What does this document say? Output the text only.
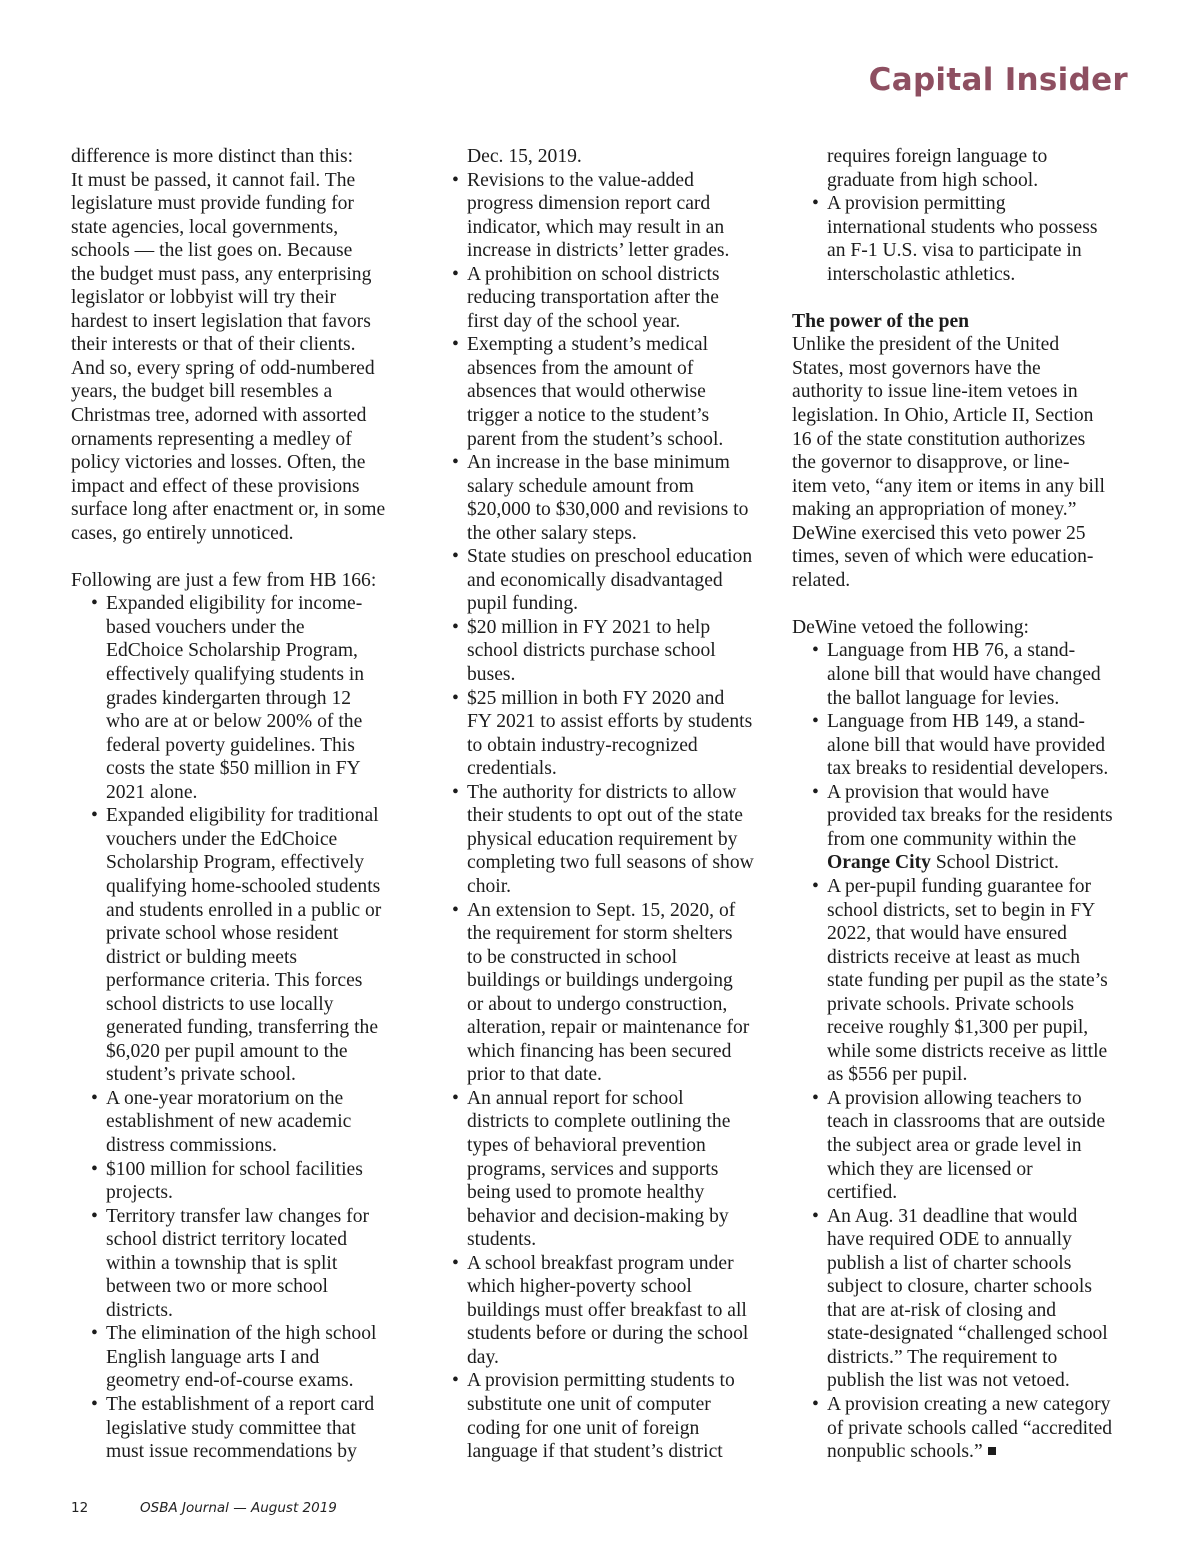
Capital Insider
difference is more distinct than this:
It must be passed, it cannot fail. The
legislature must provide funding for
state agencies, local governments,
schools — the list goes on. Because
the budget must pass, any enterprising
legislator or lobbyist will try their
hardest to insert legislation that favors
their interests or that of their clients.
And so, every spring of odd-numbered
years, the budget bill resembles a
Christmas tree, adorned with assorted
ornaments representing a medley of
policy victories and losses. Often, the
impact and effect of these provisions
surface long after enactment or, in some
cases, go entirely unnoticed.
Following are just a few from HB 166:
• Expanded eligibility for income-
based vouchers under the
EdChoice Scholarship Program,
effectively qualifying students in
grades kindergarten through 12
who are at or below 200% of the
federal poverty guidelines. This
costs the state $50 million in FY
2021 alone.
• Expanded eligibility for traditional
vouchers under the EdChoice
Scholarship Program, effectively
qualifying home-schooled students
and students enrolled in a public or
private school whose resident
district or bulding meets
performance criteria. This forces
school districts to use locally
generated funding, transferring the
$6,020 per pupil amount to the
student’s private school.
• A one-year moratorium on the
establishment of new academic
distress commissions.
• $100 million for school facilities
projects.
• Territory transfer law changes for
school district territory located
within a township that is split
between two or more school
districts.
• The elimination of the high school
English language arts I and
geometry end-of-course exams.
• The establishment of a report card
legislative study committee that
must issue recommendations by
Dec. 15, 2019.
• Revisions to the value-added
progress dimension report card
indicator, which may result in an
increase in districts’ letter grades.
• A prohibition on school districts
reducing transportation after the
first day of the school year.
• Exempting a student’s medical
absences from the amount of
absences that would otherwise
trigger a notice to the student’s
parent from the student’s school.
• An increase in the base minimum
salary schedule amount from
$20,000 to $30,000 and revisions to
the other salary steps.
• State studies on preschool education
and economically disadvantaged
pupil funding.
• $20 million in FY 2021 to help
school districts purchase school
buses.
• $25 million in both FY 2020 and
FY 2021 to assist efforts by students
to obtain industry-recognized
credentials.
• The authority for districts to allow
their students to opt out of the state
physical education requirement by
completing two full seasons of show
choir.
• An extension to Sept. 15, 2020, of
the requirement for storm shelters
to be constructed in school
buildings or buildings undergoing
or about to undergo construction,
alteration, repair or maintenance for
which financing has been secured
prior to that date.
• An annual report for school
districts to complete outlining the
types of behavioral prevention
programs, services and supports
being used to promote healthy
behavior and decision-making by
students.
• A school breakfast program under
which higher-poverty school
buildings must offer breakfast to all
students before or during the school
day.
• A provision permitting students to
substitute one unit of computer
coding for one unit of foreign
language if that student’s district
requires foreign language to
graduate from high school.
• A provision permitting
international students who possess
an F-1 U.S. visa to participate in
interscholastic athletics.
The power of the pen
Unlike the president of the United
States, most governors have the
authority to issue line-item vetoes in
legislation. In Ohio, Article II, Section
16 of the state constitution authorizes
the governor to disapprove, or line-
item veto, “any item or items in any bill
making an appropriation of money.”
DeWine exercised this veto power 25
times, seven of which were education-
related.
DeWine vetoed the following:
• Language from HB 76, a stand-
alone bill that would have changed
the ballot language for levies.
• Language from HB 149, a stand-
alone bill that would have provided
tax breaks to residential developers.
• A provision that would have
provided tax breaks for the residents
from one community within the
Orange City School District.
• A per-pupil funding guarantee for
school districts, set to begin in FY
2022, that would have ensured
districts receive at least as much
state funding per pupil as the state’s
private schools. Private schools
receive roughly $1,300 per pupil,
while some districts receive as little
as $556 per pupil.
• A provision allowing teachers to
teach in classrooms that are outside
the subject area or grade level in
which they are licensed or
certified.
• An Aug. 31 deadline that would
have required ODE to annually
publish a list of charter schools
subject to closure, charter schools
that are at-risk of closing and
state-designated “challenged school
districts.” The requirement to
publish the list was not vetoed.
• A provision creating a new category
of private schools called “accredited
nonpublic schools.”
12	OSBA Journal — August 2019
